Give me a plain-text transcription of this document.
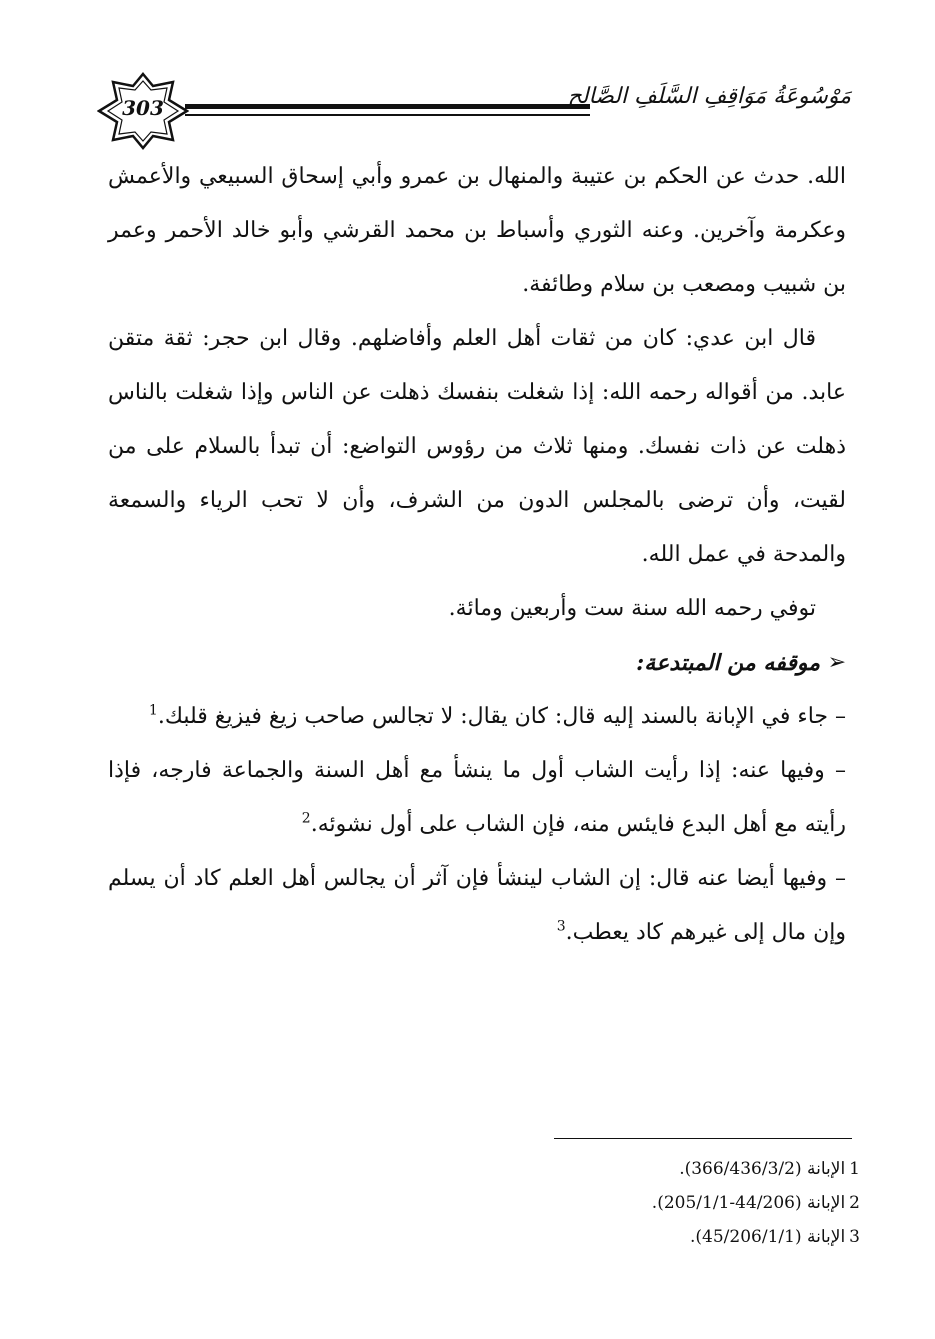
303	مَوْسُوعَةُ مَوَاقِفِ السَّلَفِ الصَّالِح

الله. حدث عن الحكم بن عتيبة والمنهال بن عمرو وأبي إسحاق السبيعي والأعمش وعكرمة وآخرين. وعنه الثوري وأسباط بن محمد القرشي وأبو خالد الأحمر وعمر بن شبيب ومصعب بن سلام وطائفة.

قال ابن عدي: كان من ثقات أهل العلم وأفاضلهم. وقال ابن حجر: ثقة متقن عابد. من أقواله رحمه الله: إذا شغلت بنفسك ذهلت عن الناس وإذا شغلت بالناس ذهلت عن ذات نفسك. ومنها ثلاث من رؤوس التواضع: أن تبدأ بالسلام على من لقيت، وأن ترضى بالمجلس الدون من الشرف، وأن لا تحب الرياء والسمعة والمدحة في عمل الله.

توفي رحمه الله سنة ست وأربعين ومائة.

➢
موقفه من المبتدعة:

– جاء في الإبانة بالسند إليه قال: كان يقال: لا تجالس صاحب زيغ فيزيغ قلبك.$^1$

– وفيها عنه: إذا رأيت الشاب أول ما ينشأ مع أهل السنة والجماعة فارجه، فإذا رأيته مع أهل البدع فايئس منه، فإن الشاب على أول نشوئه.$^2$

– وفيها أيضا عنه قال: إن الشاب لينشأ فإن آثر أن يجالس أهل العلم كاد أن يسلم وإن مال إلى غيرهم كاد يعطب.$^3$

1الإبانة (366/436/3/2).

2الإبانة (44/206-205/1/1).

3الإبانة (45/206/1/1).
